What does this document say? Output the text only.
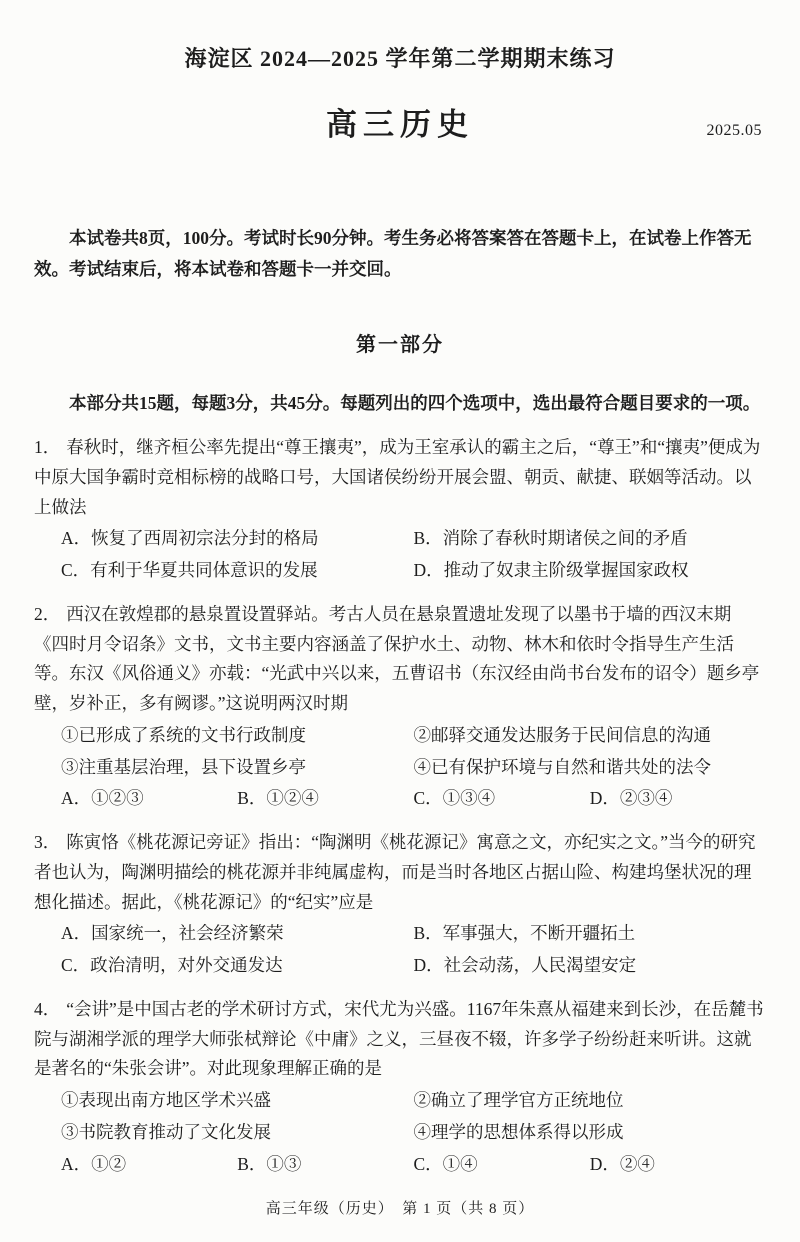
海淀区 2024—2025 学年第二学期期末练习
高三历史	2025.05

本试卷共8页，100分。考试时长90分钟。考生务必将答案答在答题卡上，在试卷上作答无效。考试结束后，将本试卷和答题卡一并交回。

第一部分

本部分共15题，每题3分，共45分。每题列出的四个选项中，选出最符合题目要求的一项。

1． 春秋时，继齐桓公率先提出“尊王攘夷”，成为王室承认的霸主之后，“尊王”和“攘夷”便成为中原大国争霸时竞相标榜的战略口号，大国诸侯纷纷开展会盟、朝贡、献捷、联姻等活动。以上做法

A．恢复了西周初宗法分封的格局	B．消除了春秋时期诸侯之间的矛盾
C．有利于华夏共同体意识的发展	D．推动了奴隶主阶级掌握国家政权

2． 西汉在敦煌郡的悬泉置设置驿站。考古人员在悬泉置遗址发现了以墨书于墙的西汉末期《四时月令诏条》文书，文书主要内容涵盖了保护水土、动物、林木和依时令指导生产生活等。东汉《风俗通义》亦载：“光武中兴以来，五曹诏书（东汉经由尚书台发布的诏令）题乡亭壁，岁补正，多有阙谬。”这说明两汉时期

①已形成了系统的文书行政制度	②邮驿交通发达服务于民间信息的沟通
③注重基层治理，县下设置乡亭	④已有保护环境与自然和谐共处的法令
A．①②③	B．①②④	C．①③④	D．②③④

3． 陈寅恪《桃花源记旁证》指出：“陶渊明《桃花源记》寓意之文，亦纪实之文。”当今的研究者也认为，陶渊明描绘的桃花源并非纯属虚构，而是当时各地区占据山险、构建坞堡状况的理想化描述。据此，《桃花源记》的“纪实”应是

A．国家统一，社会经济繁荣	B．军事强大，不断开疆拓土
C．政治清明，对外交通发达	D．社会动荡，人民渴望安定

4． “会讲”是中国古老的学术研讨方式，宋代尤为兴盛。1167年朱熹从福建来到长沙，在岳麓书院与湖湘学派的理学大师张栻辩论《中庸》之义，三昼夜不辍，许多学子纷纷赶来听讲。这就是著名的“朱张会讲”。对此现象理解正确的是

①表现出南方地区学术兴盛	②确立了理学官方正统地位
③书院教育推动了文化发展	④理学的思想体系得以形成
A．①②	B．①③	C．①④	D．②④
高三年级（历史）　第 1 页（共 8 页）
